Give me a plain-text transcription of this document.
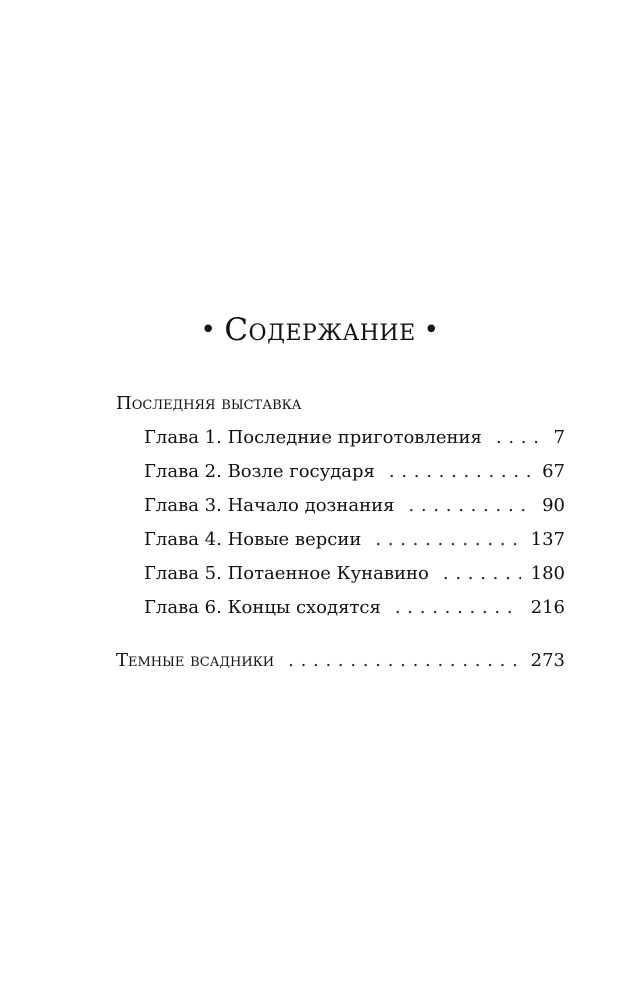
• Содержание •
Последняя выставка
Глава 1. Последние приготовления . . .	7
Глава 2. Возле государя . . .	67
Глава 3. Начало дознания . . .	90
Глава 4. Новые версии . . .	137
Глава 5. Потаенное Кунавино . . .	180
Глава 6. Концы сходятся . . .	216
Темные всадники . . .	273
